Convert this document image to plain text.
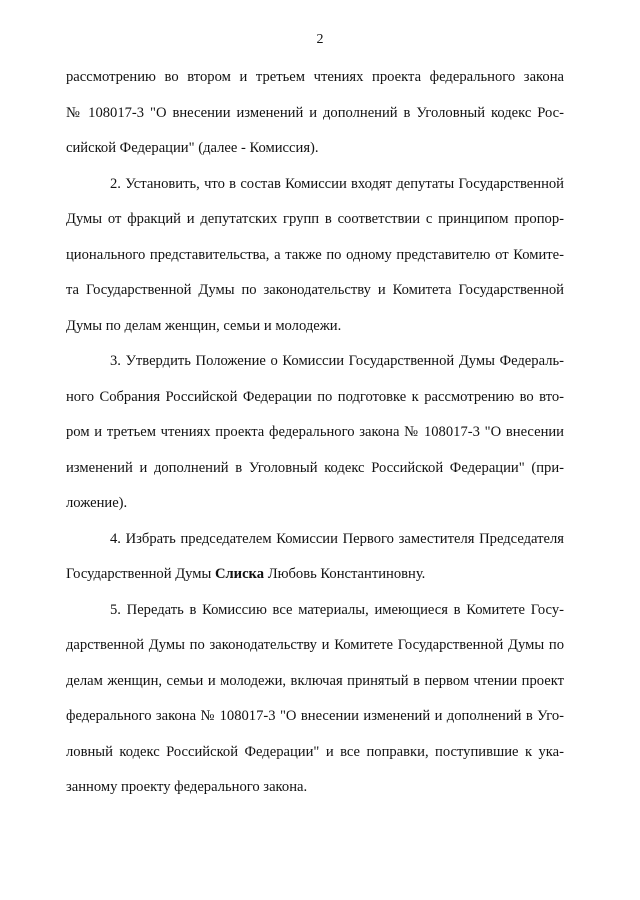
2
рассмотрению во втором и третьем чтениях проекта федерального закона
№ 108017-3 "О внесении изменений и дополнений в Уголовный кодекс Рос-
сийской Федерации" (далее - Комиссия).
2. Установить, что в состав Комиссии входят депутаты Государственной
Думы от фракций и депутатских групп в соответствии с принципом пропор-
ционального представительства, а также по одному представителю от Комите-
та Государственной Думы по законодательству и Комитета Государственной
Думы по делам женщин, семьи и молодежи.
3. Утвердить Положение о Комиссии Государственной Думы Федераль-
ного Собрания Российской Федерации по подготовке к рассмотрению во вто-
ром и третьем чтениях проекта федерального закона № 108017-3 "О внесении
изменений и дополнений в Уголовный кодекс Российской Федерации" (при-
ложение).
4. Избрать председателем Комиссии Первого заместителя Председателя
Государственной Думы Слиска Любовь Константиновну.
5. Передать в Комиссию все материалы, имеющиеся в Комитете Госу-
дарственной Думы по законодательству и Комитете Государственной Думы по
делам женщин, семьи и молодежи, включая принятый в первом чтении проект
федерального закона № 108017-3 "О внесении изменений и дополнений в Уго-
ловный кодекс Российской Федерации" и все поправки, поступившие к ука-
занному проекту федерального закона.
